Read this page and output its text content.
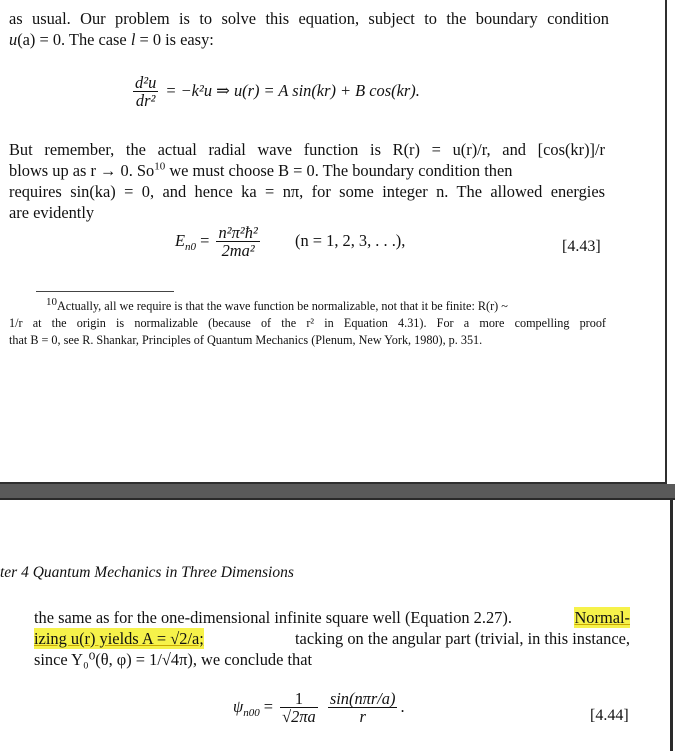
as usual. Our problem is to solve this equation, subject to the boundary condition
u(a) = 0. The case l = 0 is easy:
$\frac{\text{d²u}}{\text{dr²}} = -k^2u$ ⇒ u(r) = A sin(kr) + B cos(kr).
But remember, the actual radial wave function is R(r) = u(r)/r, and [cos(kr)]/r
blows up as r → 0. So$^{10}$ we must choose B = 0. The boundary condition then
requires sin(ka) = 0, and hence ka = nπ, for some integer n. The allowed energies
are evidently
$E_{n0} = \frac{\text{n²π²ħ²}}{\text{2ma²}} (n = 1$, 2, 3, . . .),	[4.43]
$^{10}$Actually, all we require is that the wave function be normalizable, not that it be finite: R(r) ~
1/r at the origin is normalizable (because of the r² in Equation 4.31). For a more compelling proof
that B = 0, see R. Shankar, Principles of Quantum Mechanics (Plenum, New York, 1980), p. 351.
ter 4 Quantum Mechanics in Three Dimensions
the same as for the one-dimensional infinite square well (Equation 2.27).	Normal-
izing u(r) yields A = √2/a;	tacking on the angular part (trivial, in this instance,
since Y₀⁰(θ, φ) = 1/√4π), we conclude that
$\psi_{n00} = \frac{1}{√2\pi a}$
$\frac{\text{sin(nπr/a)}}{r}$ .	[4.44]
